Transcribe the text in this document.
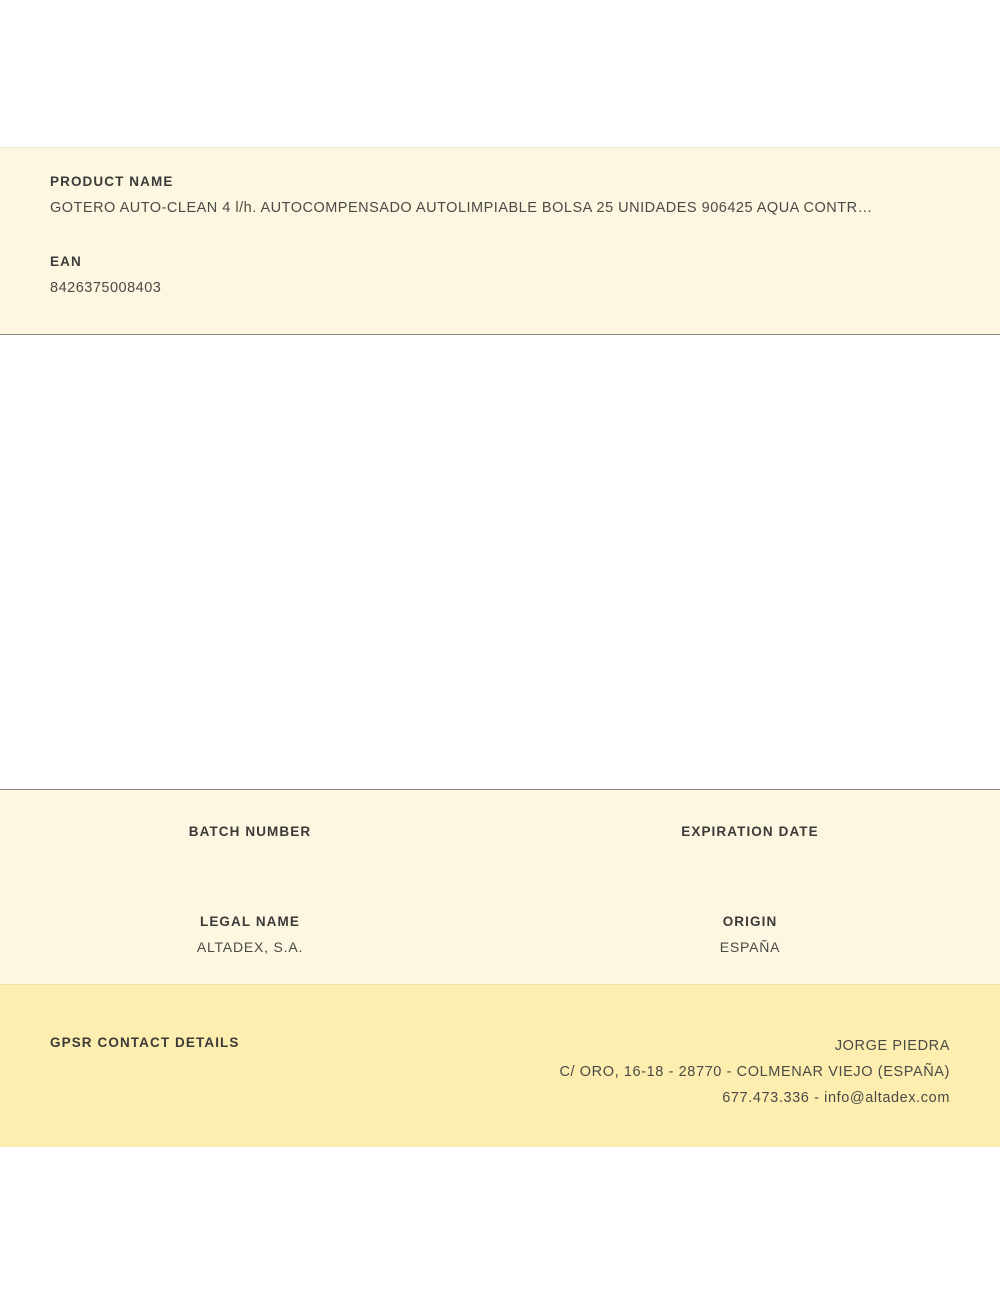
PRODUCT NAME
GOTERO AUTO-CLEAN 4 l/h. AUTOCOMPENSADO AUTOLIMPIABLE BOLSA 25 UNIDADES 906425 AQUA CONTR…
EAN
8426375008403
BATCH NUMBER	EXPIRATION DATE
LEGAL NAME
ALTADEX, S.A.
ORIGIN
ESPAÑA
GPSR CONTACT DETAILS	JORGE PIEDRA
C/ ORO, 16-18 - 28770 - COLMENAR VIEJO (ESPAÑA)
677.473.336 - info@altadex.com
